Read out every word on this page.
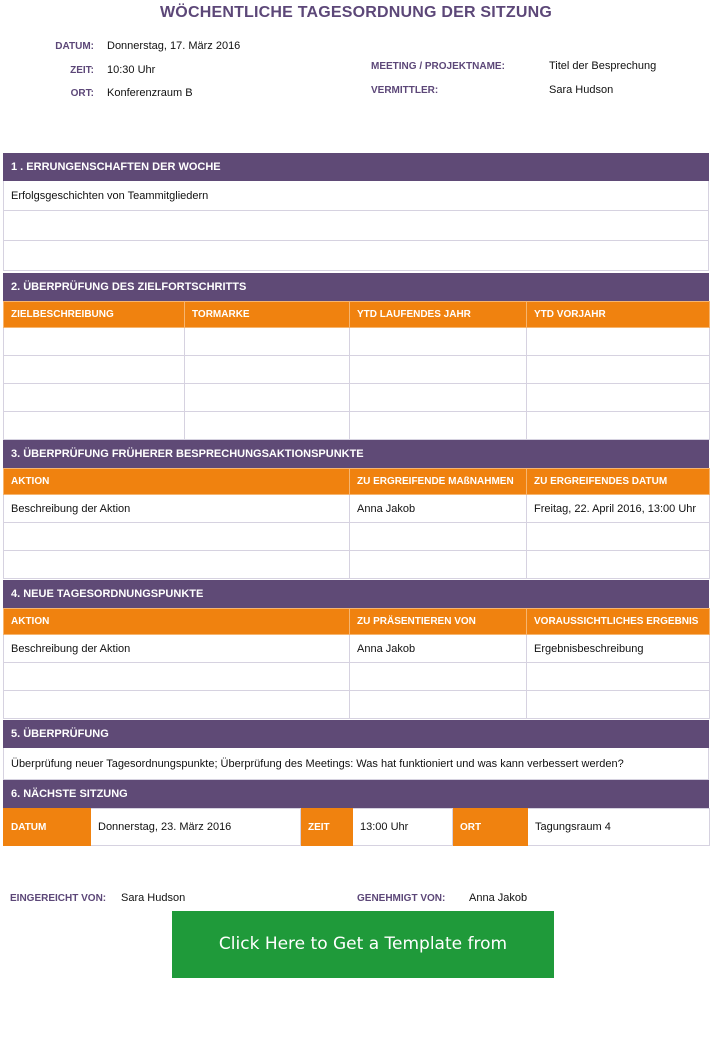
WÖCHENTLICHE TAGESORDNUNG DER SITZUNG
DATUM: Donnerstag, 17. März 2016
ZEIT: 10:30 Uhr
ORT: Konferenzraum B
MEETING / PROJEKTNAME:	Titel der Besprechung
VERMITTLER:	Sara Hudson
1 . ERRUNGENSCHAFTEN DER WOCHE
Erfolgsgeschichten von Teammitgliedern
2. ÜBERPRÜFUNG DES ZIELFORTSCHRITTS
ZIELBESCHREIBUNG	TORMARKE	YTD LAUFENDES JAHR	YTD VORJAHR

3. ÜBERPRÜFUNG FRÜHERER BESPRECHUNGSAKTIONSPUNKTE
AKTION	ZU ERGREIFENDE MAßNAHMEN	ZU ERGREIFENDES DATUM
Beschreibung der Aktion	Anna Jakob	Freitag, 22. April 2016, 13:00 Uhr

4. NEUE TAGESORDNUNGSPUNKTE
AKTION	ZU PRÄSENTIEREN VON	VORAUSSICHTLICHES ERGEBNIS
Beschreibung der Aktion	Anna Jakob	Ergebnisbeschreibung

5. ÜBERPRÜFUNG
Überprüfung neuer Tagesordnungspunkte; Überprüfung des Meetings: Was hat funktioniert und was kann verbessert werden?
6. NÄCHSTE SITZUNG
DATUM	Donnerstag, 23. März 2016	ZEIT	13:00 Uhr	ORT	Tagungsraum 4
EINGEREICHT VON: Sara Hudson	GENEHMIGT VON: Anna Jakob
Click Here to Get a Template from Smartsheet
